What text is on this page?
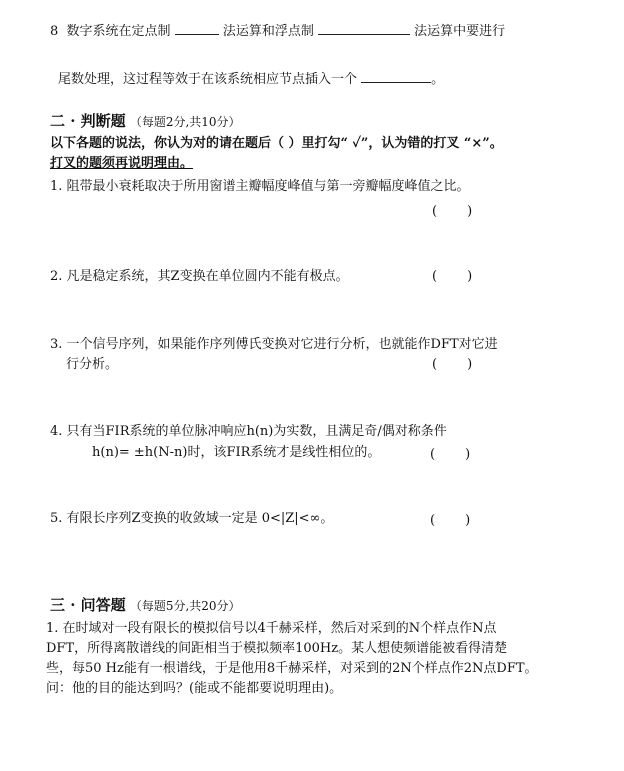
8 数字系统在定点制	法运算和浮点制	法运算中要进行
尾数处理，这过程等效于在该系统相应节点插入一个	。
二 · 判断题 （每题2分,共10分）
以下各题的说法，你认为对的请在题后（ ）里打勾“ ✓”，认为错的打叉 “×”。
打叉的题须再说明理由。
1. 阻带最小衰耗取决于所用窗谱主瓣幅度峰值与第一旁瓣幅度峰值之比。
( )
2. 凡是稳定系统，其Z变换在单位圆内不能有极点。	( )
3. 一个信号序列，如果能作序列傅氏变换对它进行分析，也就能作DFT对它进
行分析。	( )
4. 只有当FIR系统的单位脉冲响应h(n)为实数，且满足奇/偶对称条件
h(n)= ±h(N-n)时，该FIR系统才是线性相位的。	( )
5. 有限长序列Z变换的收敛域一定是 0<|Z|<∞。	( )
三 · 问答题 （每题5分,共20分）
1. 在时域对一段有限长的模拟信号以4千赫采样，然后对采到的N个样点作N点
DFT，所得离散谱线的间距相当于模拟频率100Hz。某人想使频谱能被看得清楚
些，每50 Hz能有一根谱线，于是他用8千赫采样，对采到的2N个样点作2N点DFT。
问：他的目的能达到吗？(能或不能都要说明理由)。
